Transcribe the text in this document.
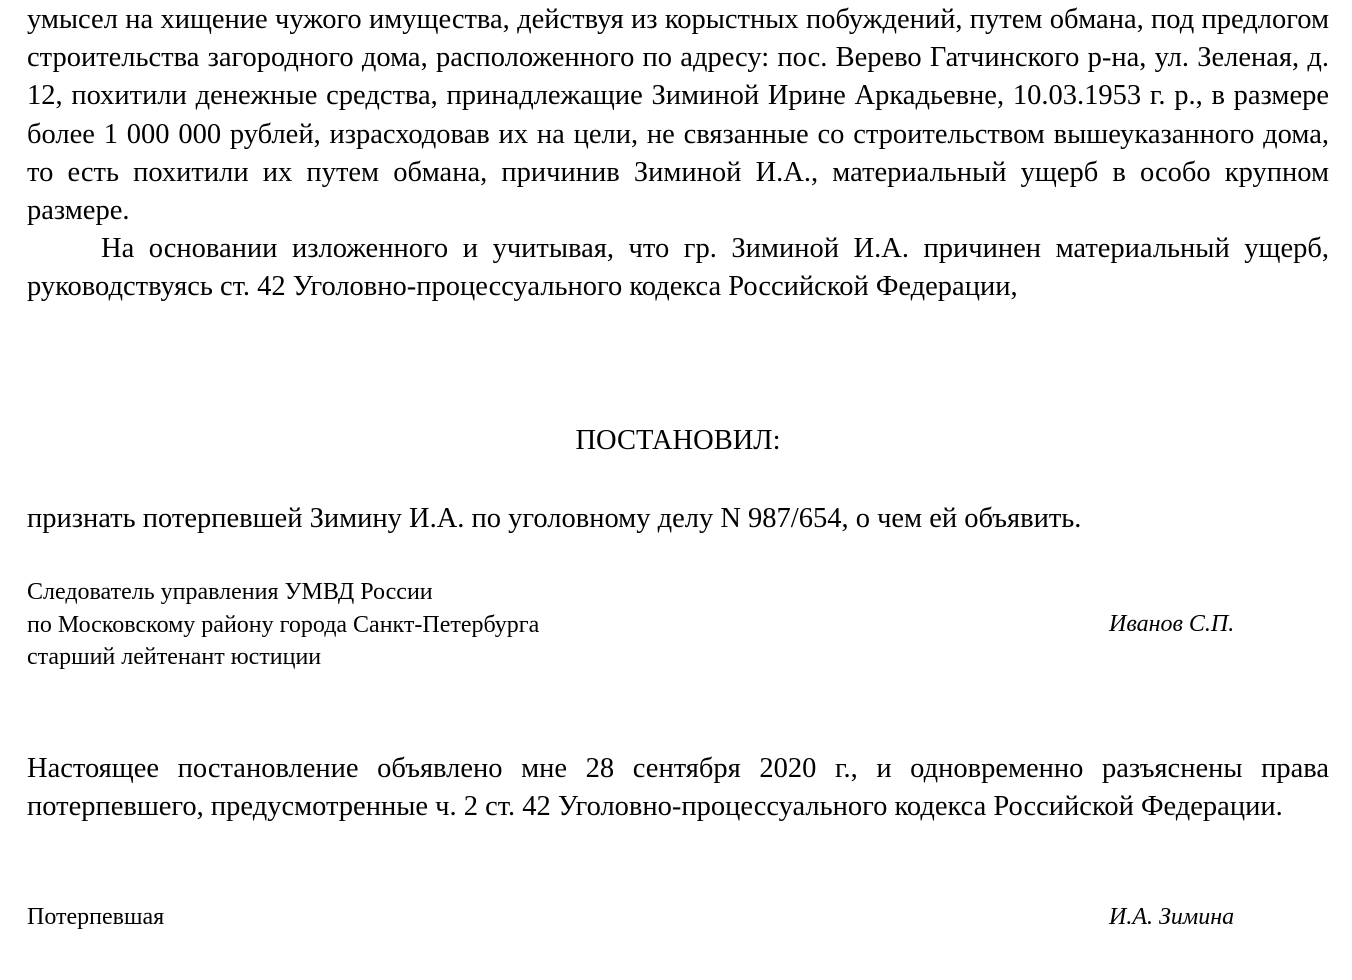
умысел на хищение чужого имущества, действуя из корыстных побуждений, путем обмана, под предлогом строительства загородного дома, расположенного по адресу: пос. Верево Гатчинского р-на, ул. Зеленая, д. 12, похитили денежные средства, принадлежащие Зиминой Ирине Аркадьевне, 10.03.1953 г. р., в размере более 1 000 000 рублей, израсходовав их на цели, не связанные со строительством вышеуказанного дома, то есть похитили их путем обмана, причинив Зиминой И.А., материальный ущерб в особо крупном размере.

На основании изложенного и учитывая, что гр. Зиминой И.А. причинен материальный ущерб, руководствуясь ст. 42 Уголовно-процессуального кодекса Российской Федерации,

ПОСТАНОВИЛ:

признать потерпевшей Зимину И.А. по уголовному делу N 987/654, о чем ей объявить.

Следователь управления УМВД России
по Московскому району города Санкт-Петербурга
старший лейтенант юстиции
Иванов С.П.

Настоящее постановление объявлено мне 28 сентября 2020 г., и одновременно разъяснены права потерпевшего, предусмотренные ч. 2 ст. 42 Уголовно-процессуального кодекса Российской Федерации.

Потерпевшая	И.А. Зимина
